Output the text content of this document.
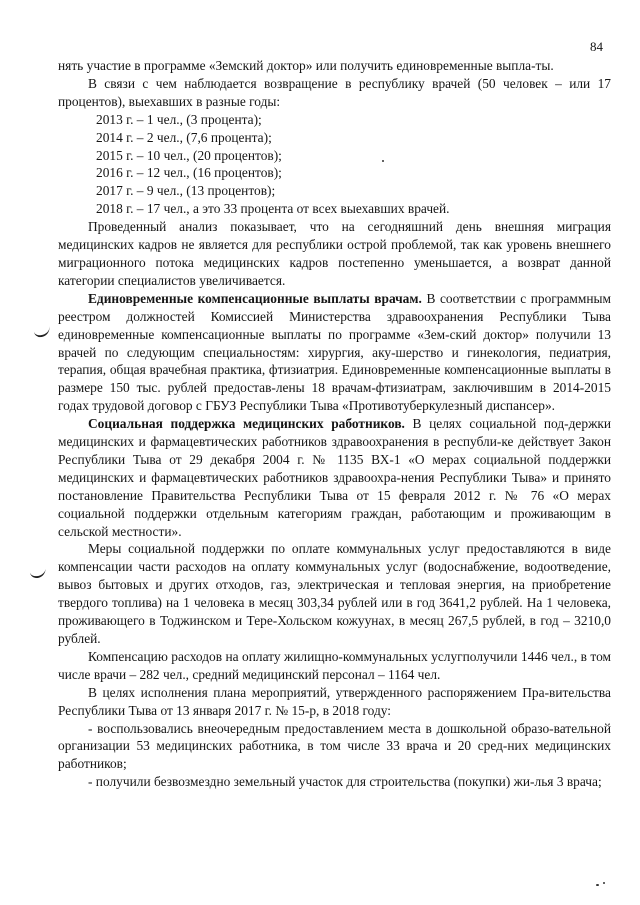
84

нять участие в программе «Земский доктор» или получить единовременные выпла-ты.

В связи с чем наблюдается возвращение в республику врачей (50 человек – или 17 процентов), выехавших в разные годы:

2013 г. – 1 чел., (3 процента);

2014 г. – 2 чел., (7,6 процента);

2015 г. – 10 чел., (20 процентов);

2016 г. – 12 чел., (16 процентов);

2017 г. – 9 чел., (13 процентов);

2018 г. – 17 чел., а это 33 процента от всех выехавших врачей.

Проведенный анализ показывает, что на сегодняшний день внешняя миграция медицинских кадров не является для республики острой проблемой, так как уровень внешнего миграционного потока медицинских кадров постепенно уменьшается, а возврат данной категории специалистов увеличивается.

Единовременные компенсационные выплаты врачам. В соответствии с программным реестром должностей Комиссией Министерства здравоохранения Республики Тыва единовременные компенсационные выплаты по программе «Зем-ский доктор» получили 13 врачей по следующим специальностям: хирургия, аку-шерство и гинекология, педиатрия, терапия, общая врачебная практика, фтизиатрия. Единовременные компенсационные выплаты в размере 150 тыс. рублей предостав-лены 18 врачам-фтизиатрам, заключившим в 2014-2015 годах трудовой договор с ГБУЗ Республики Тыва «Противотуберкулезный диспансер».

Социальная поддержка медицинских работников. В целях социальной под-держки медицинских и фармацевтических работников здравоохранения в республи-ке действует Закон Республики Тыва от 29 декабря 2004 г. № 1135 ВХ-1 «О мерах социальной поддержки медицинских и фармацевтических работников здравоохра-нения Республики Тыва» и принято постановление Правительства Республики Тыва от 15 февраля 2012 г. № 76 «О мерах социальной поддержки отдельным категориям граждан, работающим и проживающим в сельской местности».

Меры социальной поддержки по оплате коммунальных услуг предоставляются в виде компенсации части расходов на оплату коммунальных услуг (водоснабжение, водоотведение, вывоз бытовых и других отходов, газ, электрическая и тепловая энергия, на приобретение твердого топлива) на 1 человека в месяц 303,34 рублей или в год 3641,2 рублей. На 1 человека, проживающего в Тоджинском и Тере-Хольском кожуунах, в месяц 267,5 рублей, в год – 3210,0 рублей.

Компенсацию расходов на оплату жилищно-коммунальных услугполучили 1446 чел., в том числе врачи – 282 чел., средний медицинский персонал – 1164 чел.

В целях исполнения плана мероприятий, утвержденного распоряжением Пра-вительства Республики Тыва от 13 января 2017 г. № 15-р, в 2018 году:

- воспользовались внеочередным предоставлением места в дошкольной образо-вательной организации 53 медицинских работника, в том числе 33 врача и 20 сред-них медицинских работников;

- получили безвозмездно земельный участок для строительства (покупки) жи-лья 3 врача;
